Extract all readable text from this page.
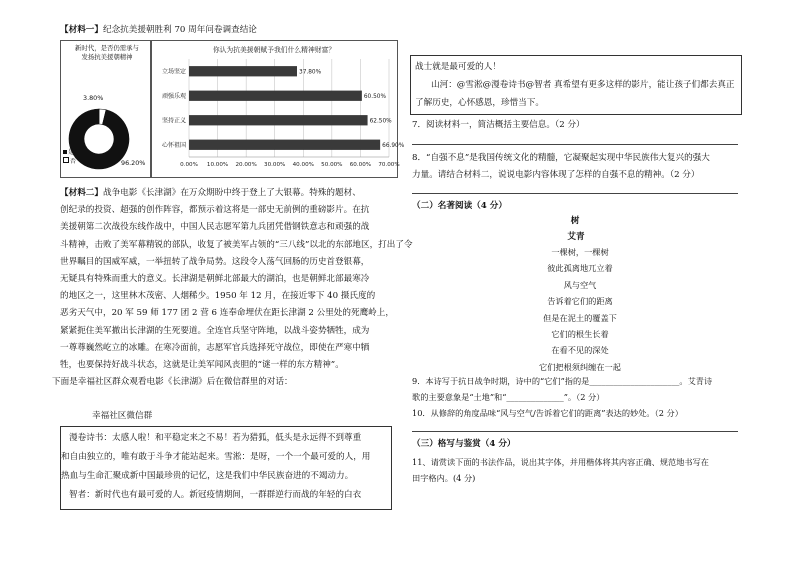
【材料一】纪念抗美援朝胜利 70 周年问卷调查结论
新时代，是否仍需承与
发扬抗美援朝精神
3.80%
96.20%
是
否
你认为抗美援朝赋予我们什么精神财富？
0.00% 10.00% 20.00% 30.00% 40.00% 50.00% 60.00% 70.00%
立场坚定	37.80%
顽强乐观	60.50%
坚持正义	62.50%
心怀祖国	66.90%
【材料二】战争电影《长津湖》在万众期盼中终于登上了大银幕。特殊的题材、
创纪录的投资、超强的创作阵容，都预示着这将是一部史无前例的重磅影片。在抗
美援朝第二次战役东线作战中，中国人民志愿军第九兵团凭借钢铁意志和顽强的战
斗精神，击败了美军幕精锐的部队，收复了被美军占领的“三八线”以北的东部地区，打出了令
世界瞩目的国威军威，一举扭转了战争局势。这段令人荡气回肠的历史首登银幕，
无疑具有特殊而重大的意义。长津湖是朝鲜北部最大的湖泊，也是朝鲜北部最寒冷
的地区之一，这里林木茂密、人烟稀少。1950 年 12 月，在接近零下 40 摄氏度的
恶劣天气中，20 军 59 师 177 团 2 营 6 连奉命埋伏在距长津湖 2 公里处的死鹰岭上，
紧紧扼住美军撤出长津湖的生死要道。全连官兵坚守阵地，以战斗姿势牺牲，成为
一尊尊巍然屹立的冰雕。在寒冷面前，志愿军官兵选择死守战位，即使在严寒中牺
牲，也要保持好战斗状态，这就是让美军闻风丧胆的“谜一样的东方精神”。
下面是幸福社区群众观看电影《长津湖》后在微信群里的对话：
幸福社区微信群
漫卷诗书：太感人啦！和平稳定来之不易！若为猎狐，低头是永远得不到尊重
和自由独立的，唯有敢于斗争才能站起来。雪淞：是呀，一个一个最可爱的人，用
热血与生命汇聚成新中国最珍贵的记忆，这是我们中华民族奋进的不竭动力。
智者：新时代也有最可爱的人。新冠疫情期间，一群群逆行而战的年轻的白衣
战士就是最可爱的人！
山河：@雪淞@漫卷诗书@智者 真希望有更多这样的影片，能让孩子们都去真正
了解历史，心怀感恩，珍惜当下。
7．阅读材料一，简洁概括主要信息。（2 分）
8．“自强不息”是我国传统文化的精髓，它凝聚起实现中华民族伟大复兴的强大
力量。请结合材料二，说说电影内容体现了怎样的自强不息的精神。（2 分）
（二）名著阅读（4 分）
树
艾青
一棵树，一棵树
彼此孤离地兀立着
风与空气
告诉着它们的距离
但是在泥土的覆盖下
它们的根生长着
在看不见的深处
它们把根须纠缠在一起
9．本诗写于抗日战争时期，诗中的“它们”指的是______________________。艾青诗
歌的主要意象是“土地”和“______________”。（2 分）
10．从修辞的角度品味“风与空气/告诉着它们的距离”表达的妙处。（2 分）
（三）格写与鉴赏（4 分）
11、请赏读下面的书法作品，说出其字体，并用楷体将其内容正确、规范地书写在
田字格内。(4 分)
